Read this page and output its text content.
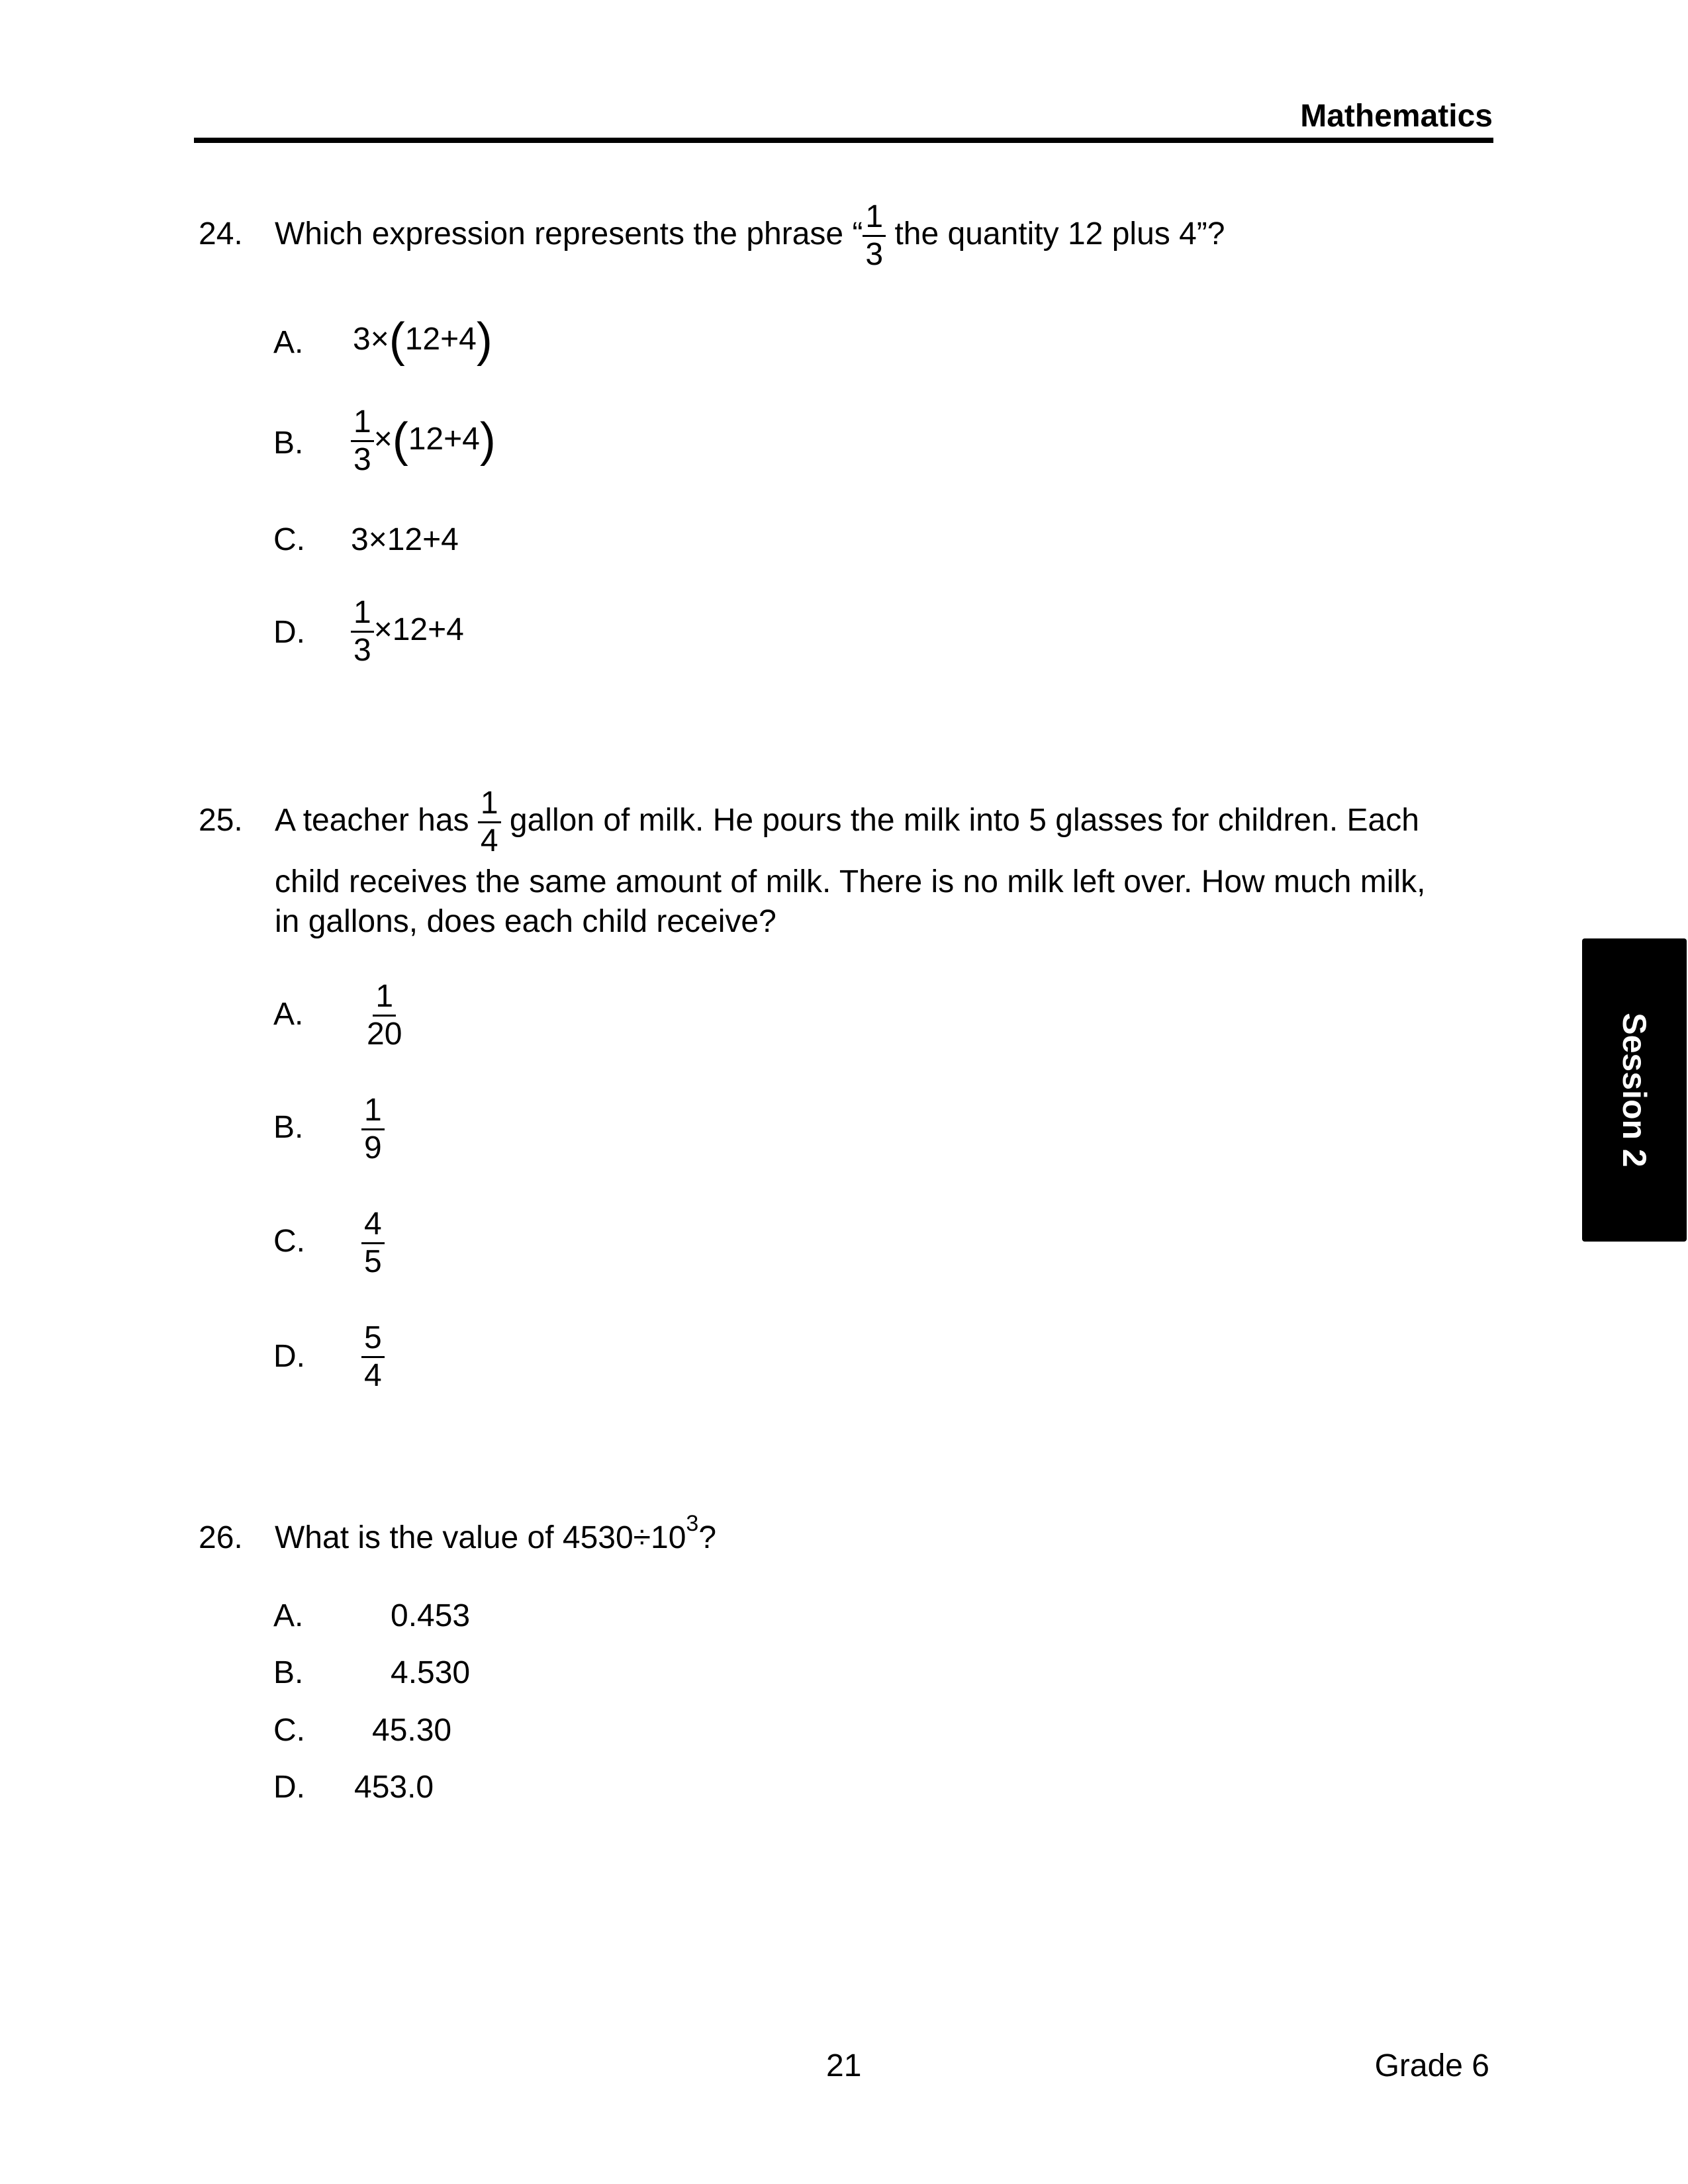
Mathematics
24. Which expression represents the phrase “ $\frac{1}{3}$ the quantity 12 plus 4”?
A. 3×(12+4)
B. $\frac{1}{3} \times(12+4)$
C. 3×12+4
D. $\frac{1}{3} \times 12+4$
25. A teacher has $\frac{1}{4}$ gallon of milk. He pours the milk into 5 glasses for children. Each
child receives the same amount of milk. There is no milk left over. How much milk,
in gallons, does each child receive?
A. $\frac{1}{20}$
B. $\frac{1}{9}$
C. $\frac{4}{5}$
D. $\frac{5}{4}$
26. What is the value of $4530\div 10^3$?
A.	0.453
B.	4.530
C. 45.30
D. 453.0
Session 2
21	Grade 6
